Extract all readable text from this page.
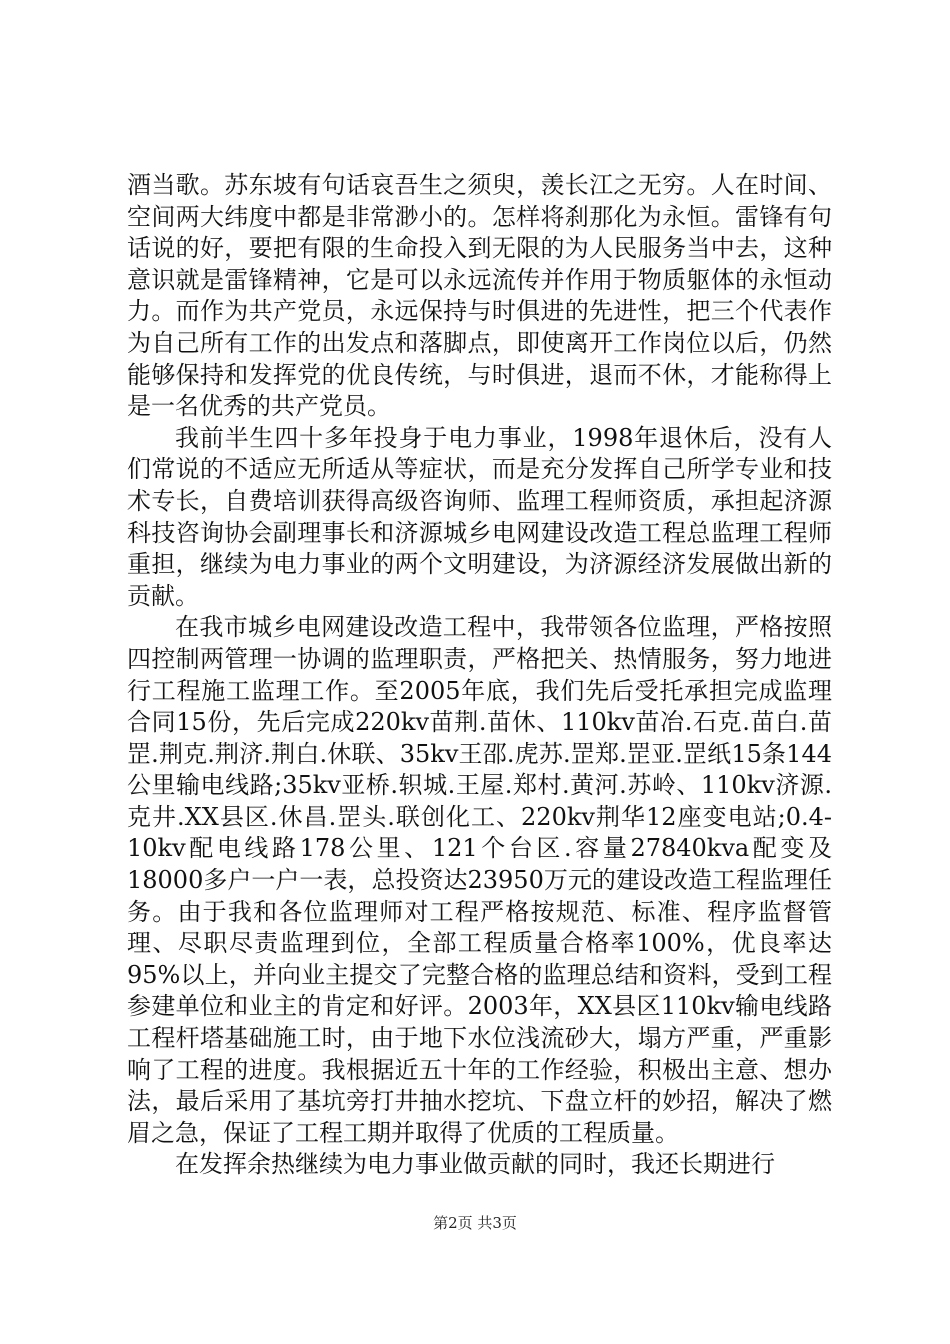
酒当歌。苏东坡有句话哀吾生之须臾，羡长江之无穷。人在时间、空间两大纬度中都是非常渺小的。怎样将刹那化为永恒。雷锋有句话说的好，要把有限的生命投入到无限的为人民服务当中去，这种意识就是雷锋精神，它是可以永远流传并作用于物质躯体的永恒动力。而作为共产党员，永远保持与时俱进的先进性，把三个代表作为自己所有工作的出发点和落脚点，即使离开工作岗位以后，仍然能够保持和发挥党的优良传统，与时俱进，退而不休，才能称得上是一名优秀的共产党员。

我前半生四十多年投身于电力事业，1998年退休后，没有人们常说的不适应无所适从等症状，而是充分发挥自己所学专业和技术专长，自费培训获得高级咨询师、监理工程师资质，承担起济源科技咨询协会副理事长和济源城乡电网建设改造工程总监理工程师重担，继续为电力事业的两个文明建设，为济源经济发展做出新的贡献。

在我市城乡电网建设改造工程中，我带领各位监理，严格按照四控制两管理一协调的监理职责，严格把关、热情服务，努力地进行工程施工监理工作。至2005年底，我们先后受托承担完成监理合同15份，先后完成220kv苗荆.苗休、110kv苗冶.石克.苗白.苗罡.荆克.荆济.荆白.休联、35kv王邵.虎苏.罡郑.罡亚.罡纸15条144公里输电线路;35kv亚桥.轵城.王屋.郑村.黄河.苏岭、110kv济源.克井.XX县区.休昌.罡头.联创化工、220kv荆华12座变电站;0.4-10kv配电线路178公里、121个台区.容量27840kva配变及18000多户一户一表，总投资达23950万元的建设改造工程监理任务。由于我和各位监理师对工程严格按规范、标准、程序监督管理、尽职尽责监理到位，全部工程质量合格率100%，优良率达95%以上，并向业主提交了完整合格的监理总结和资料，受到工程参建单位和业主的肯定和好评。2003年，XX县区110kv输电线路工程杆塔基础施工时，由于地下水位浅流砂大，塌方严重，严重影响了工程的进度。我根据近五十年的工作经验，积极出主意、想办法，最后采用了基坑旁打井抽水挖坑、下盘立杆的妙招，解决了燃眉之急，保证了工程工期并取得了优质的工程质量。

在发挥余热继续为电力事业做贡献的同时，我还长期进行

第2页 共3页
